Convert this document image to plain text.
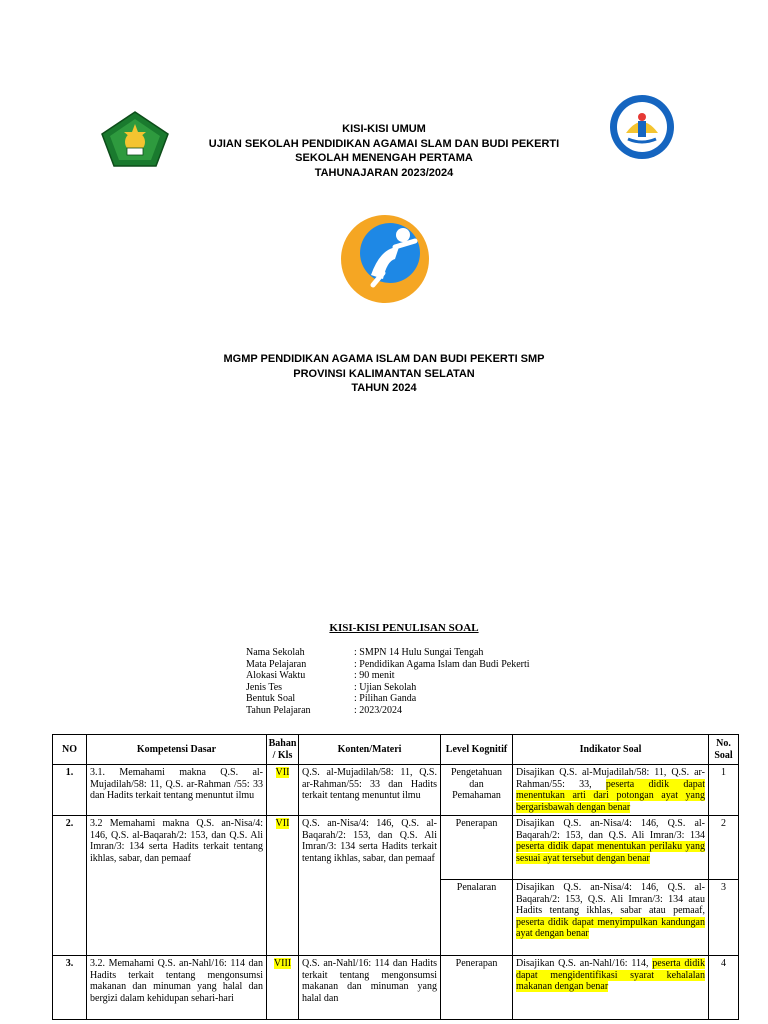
KISI-KISI UMUM
UJIAN SEKOLAH PENDIDIKAN AGAMAI SLAM DAN BUDI PEKERTI
SEKOLAH MENENGAH PERTAMA
TAHUNAJARAN 2023/2024
MGMP PENDIDIKAN AGAMA ISLAM DAN BUDI PEKERTI SMP
PROVINSI KALIMANTAN SELATAN
TAHUN 2024
KISI-KISI PENULISAN SOAL
Nama Sekolah	: SMPN 14 Hulu Sungai Tengah
Mata Pelajaran	: Pendidikan Agama Islam dan Budi Pekerti
Alokasi Waktu	: 90 menit
Jenis Tes	: Ujian Sekolah
Bentuk Soal	: Pilihan Ganda
Tahun Pelajaran	: 2023/2024
NO	Kompetensi Dasar	Bahan / Kls	Konten/Materi	Level Kognitif	Indikator Soal	No. Soal
1.	3.1. Memahami makna Q.S. al-Mujadilah/58: 11, Q.S. ar-Rahman /55: 33 dan Hadits terkait tentang menuntut ilmu	VII	Q.S. al-Mujadilah/58: 11, Q.S. ar-Rahman/55: 33 dan Hadits terkait tentang menuntut ilmu	Pengetahuan dan Pemahaman	Disajikan Q.S. al-Mujadilah/58: 11, Q.S. ar-Rahman/55: 33, peserta didik dapat menentukan arti dari potongan ayat yang bergarisbawah dengan benar	1
2.	3.2 Memahami makna Q.S. an-Nisa/4: 146, Q.S. al-Baqarah/2: 153, dan Q.S. Ali Imran/3: 134 serta Hadits terkait tentang ikhlas, sabar, dan pemaaf	VII	Q.S. an-Nisa/4: 146, Q.S. al-Baqarah/2: 153, dan Q.S. Ali Imran/3: 134 serta Hadits terkait tentang ikhlas, sabar, dan pemaaf	Penerapan	Disajikan Q.S. an-Nisa/4: 146, Q.S. al-Baqarah/2: 153, dan Q.S. Ali Imran/3: 134 peserta didik dapat menentukan perilaku yang sesuai ayat tersebut dengan benar	2
				Penalaran	Disajikan Q.S. an-Nisa/4: 146, Q.S. al-Baqarah/2: 153, Q.S. Ali Imran/3: 134 atau Hadits tentang ikhlas, sabar atau pemaaf, peserta didik dapat menyimpulkan kandungan ayat dengan benar	3
3.	3.2. Memahami Q.S. an-Nahl/16: 114 dan Hadits terkait tentang mengonsumsi makanan dan minuman yang halal dan bergizi dalam kehidupan sehari-hari	VIII	Q.S. an-Nahl/16: 114 dan Hadits terkait tentang mengonsumsi makanan dan minuman yang halal dan	Penerapan	Disajikan Q.S. an-Nahl/16: 114, peserta didik dapat mengidentifikasi syarat kehalalan makanan dengan benar	4
